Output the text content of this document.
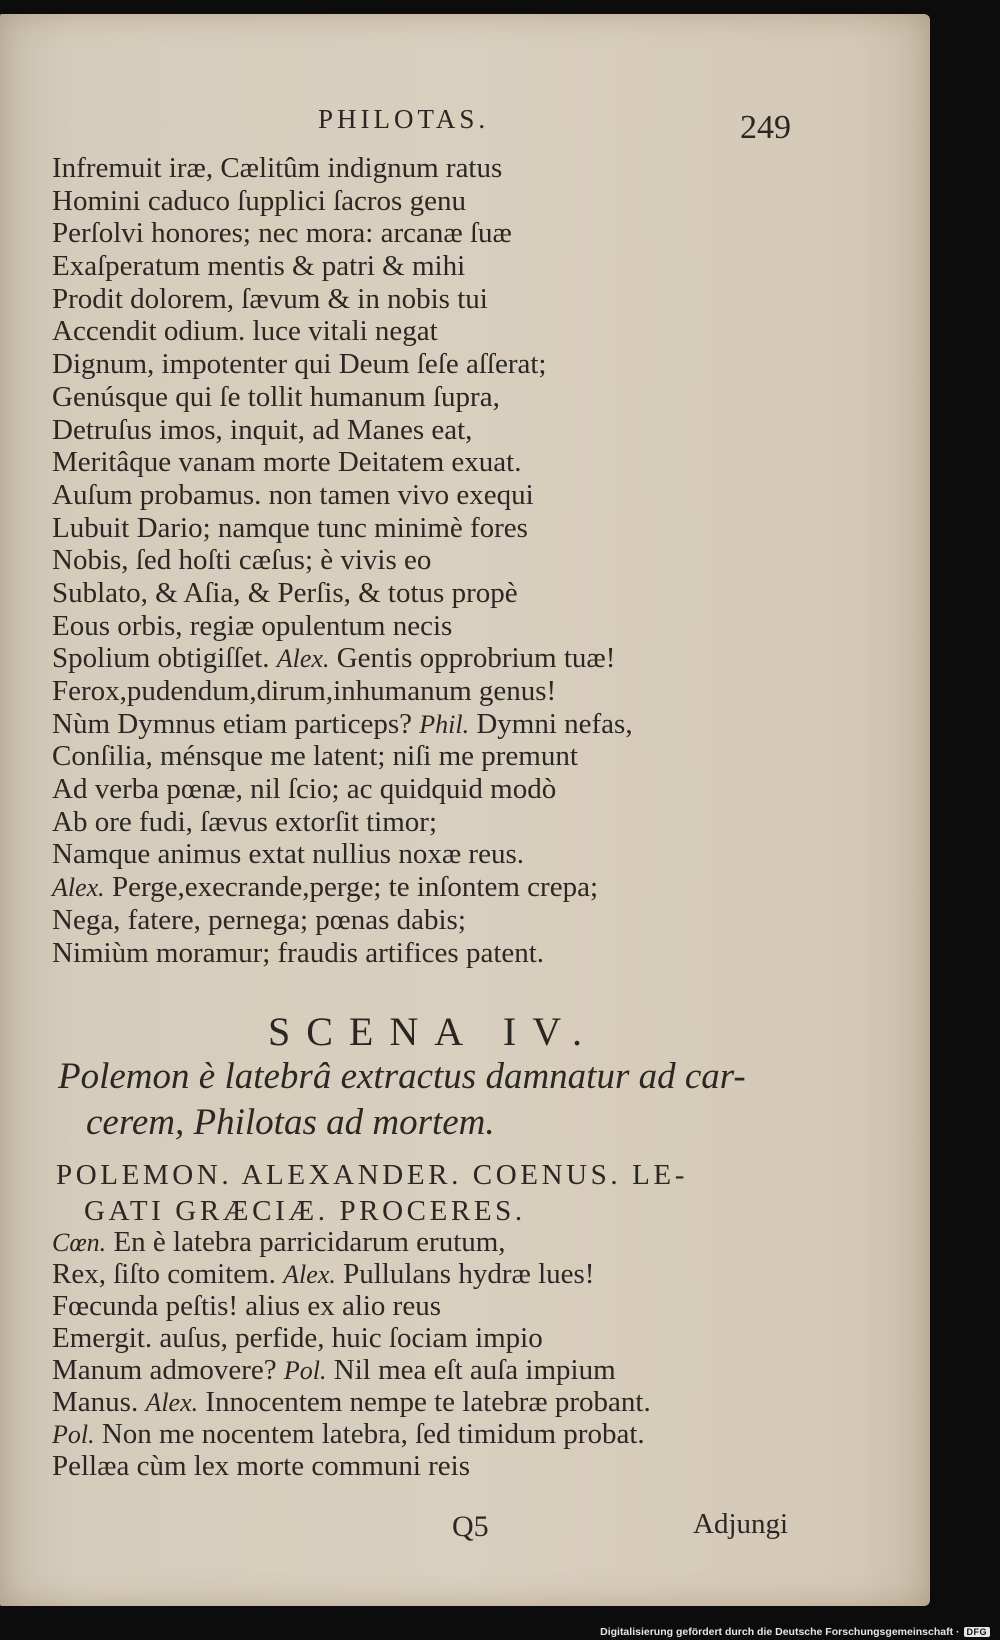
PHILOTAS.	249
Infremuit iræ, Cælitûm indignum ratus
Homini caduco ſupplici ſacros genu
Perſolvi honores; nec mora: arcanæ ſuæ
Exaſperatum mentis & patri & mihi
Prodit dolorem, ſævum & in nobis tui
Accendit odium. luce vitali negat
Dignum, impotenter qui Deum ſeſe aſſerat;
Genúsque qui ſe tollit humanum ſupra,
Detruſus imos, inquit, ad Manes eat,
Meritâque vanam morte Deitatem exuat.
Auſum probamus. non tamen vivo exequi
Lubuit Dario; namque tunc minimè fores
Nobis, ſed hoſti cæſus; è vivis eo
Sublato, & Aſia, & Perſis, & totus propè
Eous orbis, regiæ opulentum necis
Spolium obtigiſſet. Alex. Gentis opprobrium tuæ!
Ferox,pudendum,dirum,inhumanum genus!
Nùm Dymnus etiam particeps? Phil. Dymni nefas,
Conſilia, ménsque me latent; niſi me premunt
Ad verba pœnæ, nil ſcio; ac quidquid modò
Ab ore fudi, ſævus extorſit timor;
Namque animus extat nullius noxæ reus.
Alex. Perge,execrande,perge; te inſontem crepa;
Nega, fatere, pernega; pœnas dabis;
Nimiùm moramur; fraudis artifices patent.
SCENA IV.
Polemon è latebrâ extractus damnatur ad car-
cerem, Philotas ad mortem.
POLEMON. ALEXANDER. COENUS. LE-
GATI GRÆCIÆ. PROCERES.
Cœn. En è latebra parricidarum erutum,
Rex, ſiſto comitem. Alex. Pullulans hydræ lues!
Fœcunda peſtis! alius ex alio reus
Emergit. auſus, perfide, huic ſociam impio
Manum admovere? Pol. Nil mea eſt auſa impium
Manus. Alex. Innocentem nempe te latebræ probant.
Pol. Non me nocentem latebra, ſed timidum probat.
Pellæa cùm lex morte communi reis
Q5	Adjungi
Digitalisierung gefördert durch die Deutsche Forschungsgemeinschaft · DFG
